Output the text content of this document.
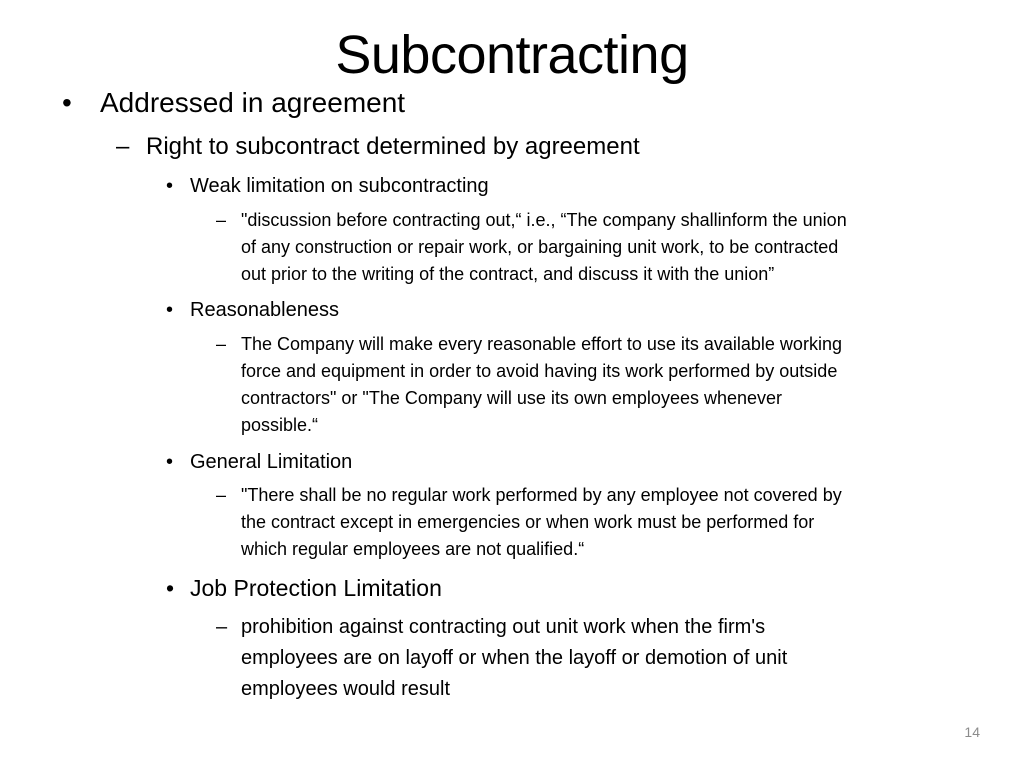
Subcontracting
• Addressed in agreement
– Right to subcontract determined by agreement
• Weak limitation on subcontracting
– "discussion before contracting out,“ i.e., “The company shallinform the union
of any construction or repair work, or bargaining unit work, to be contracted
out prior to the writing of the contract, and discuss it with the union”
• Reasonableness
– The Company will make every reasonable effort to use its available working
force and equipment in order to avoid having its work performed by outside
contractors" or "The Company will use its own employees whenever
possible.“
• General Limitation
– "There shall be no regular work performed by any employee not covered by
the contract except in emergencies or when work must be performed for
which regular employees are not qualified.“
• Job Protection Limitation
– prohibition against contracting out unit work when the firm's
employees are on layoff or when the layoff or demotion of unit
employees would result
14
